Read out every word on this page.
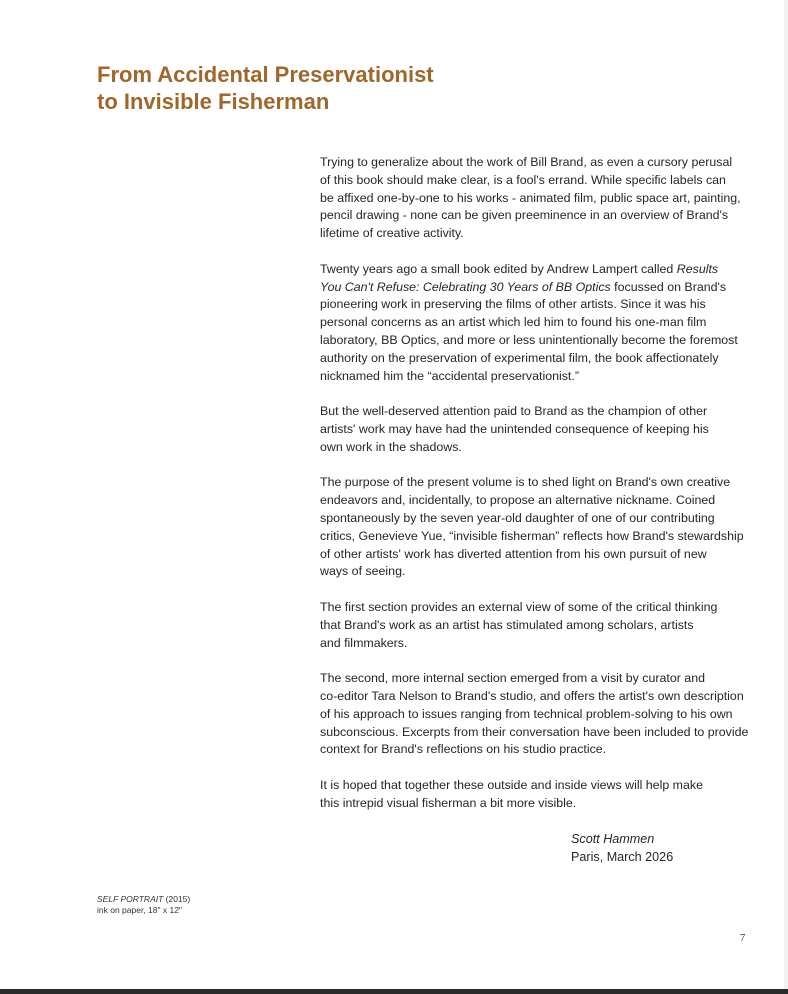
From Accidental Preservationist
to Invisible Fisherman

Trying to generalize about the work of Bill Brand, as even a cursory perusal
of this book should make clear, is a fool's errand. While specific labels can
be affixed one-by-one to his works - animated film, public space art, painting,
pencil drawing - none can be given preeminence in an overview of Brand's
lifetime of creative activity.

Twenty years ago a small book edited by Andrew Lampert called Results
You Can't Refuse: Celebrating 30 Years of BB Optics focussed on Brand's
pioneering work in preserving the films of other artists. Since it was his
personal concerns as an artist which led him to found his one-man film
laboratory, BB Optics, and more or less unintentionally become the foremost
authority on the preservation of experimental film, the book affectionately
nicknamed him the “accidental preservationist.”

But the well-deserved attention paid to Brand as the champion of other
artists' work may have had the unintended consequence of keeping his
own work in the shadows.

The purpose of the present volume is to shed light on Brand's own creative
endeavors and, incidentally, to propose an alternative nickname. Coined
spontaneously by the seven year-old daughter of one of our contributing
critics, Genevieve Yue, “invisible fisherman” reflects how Brand's stewardship
of other artists' work has diverted attention from his own pursuit of new
ways of seeing.

The first section provides an external view of some of the critical thinking
that Brand's work as an artist has stimulated among scholars, artists
and filmmakers.

The second, more internal section emerged from a visit by curator and
co-editor Tara Nelson to Brand's studio, and offers the artist's own description
of his approach to issues ranging from technical problem-solving to his own
subconscious. Excerpts from their conversation have been included to provide
context for Brand's reflections on his studio practice.

It is hoped that together these outside and inside views will help make
this intrepid visual fisherman a bit more visible.

Scott Hammen
Paris, March 2026
SELF PORTRAIT (2015)
ink on paper, 18" x 12"
7
